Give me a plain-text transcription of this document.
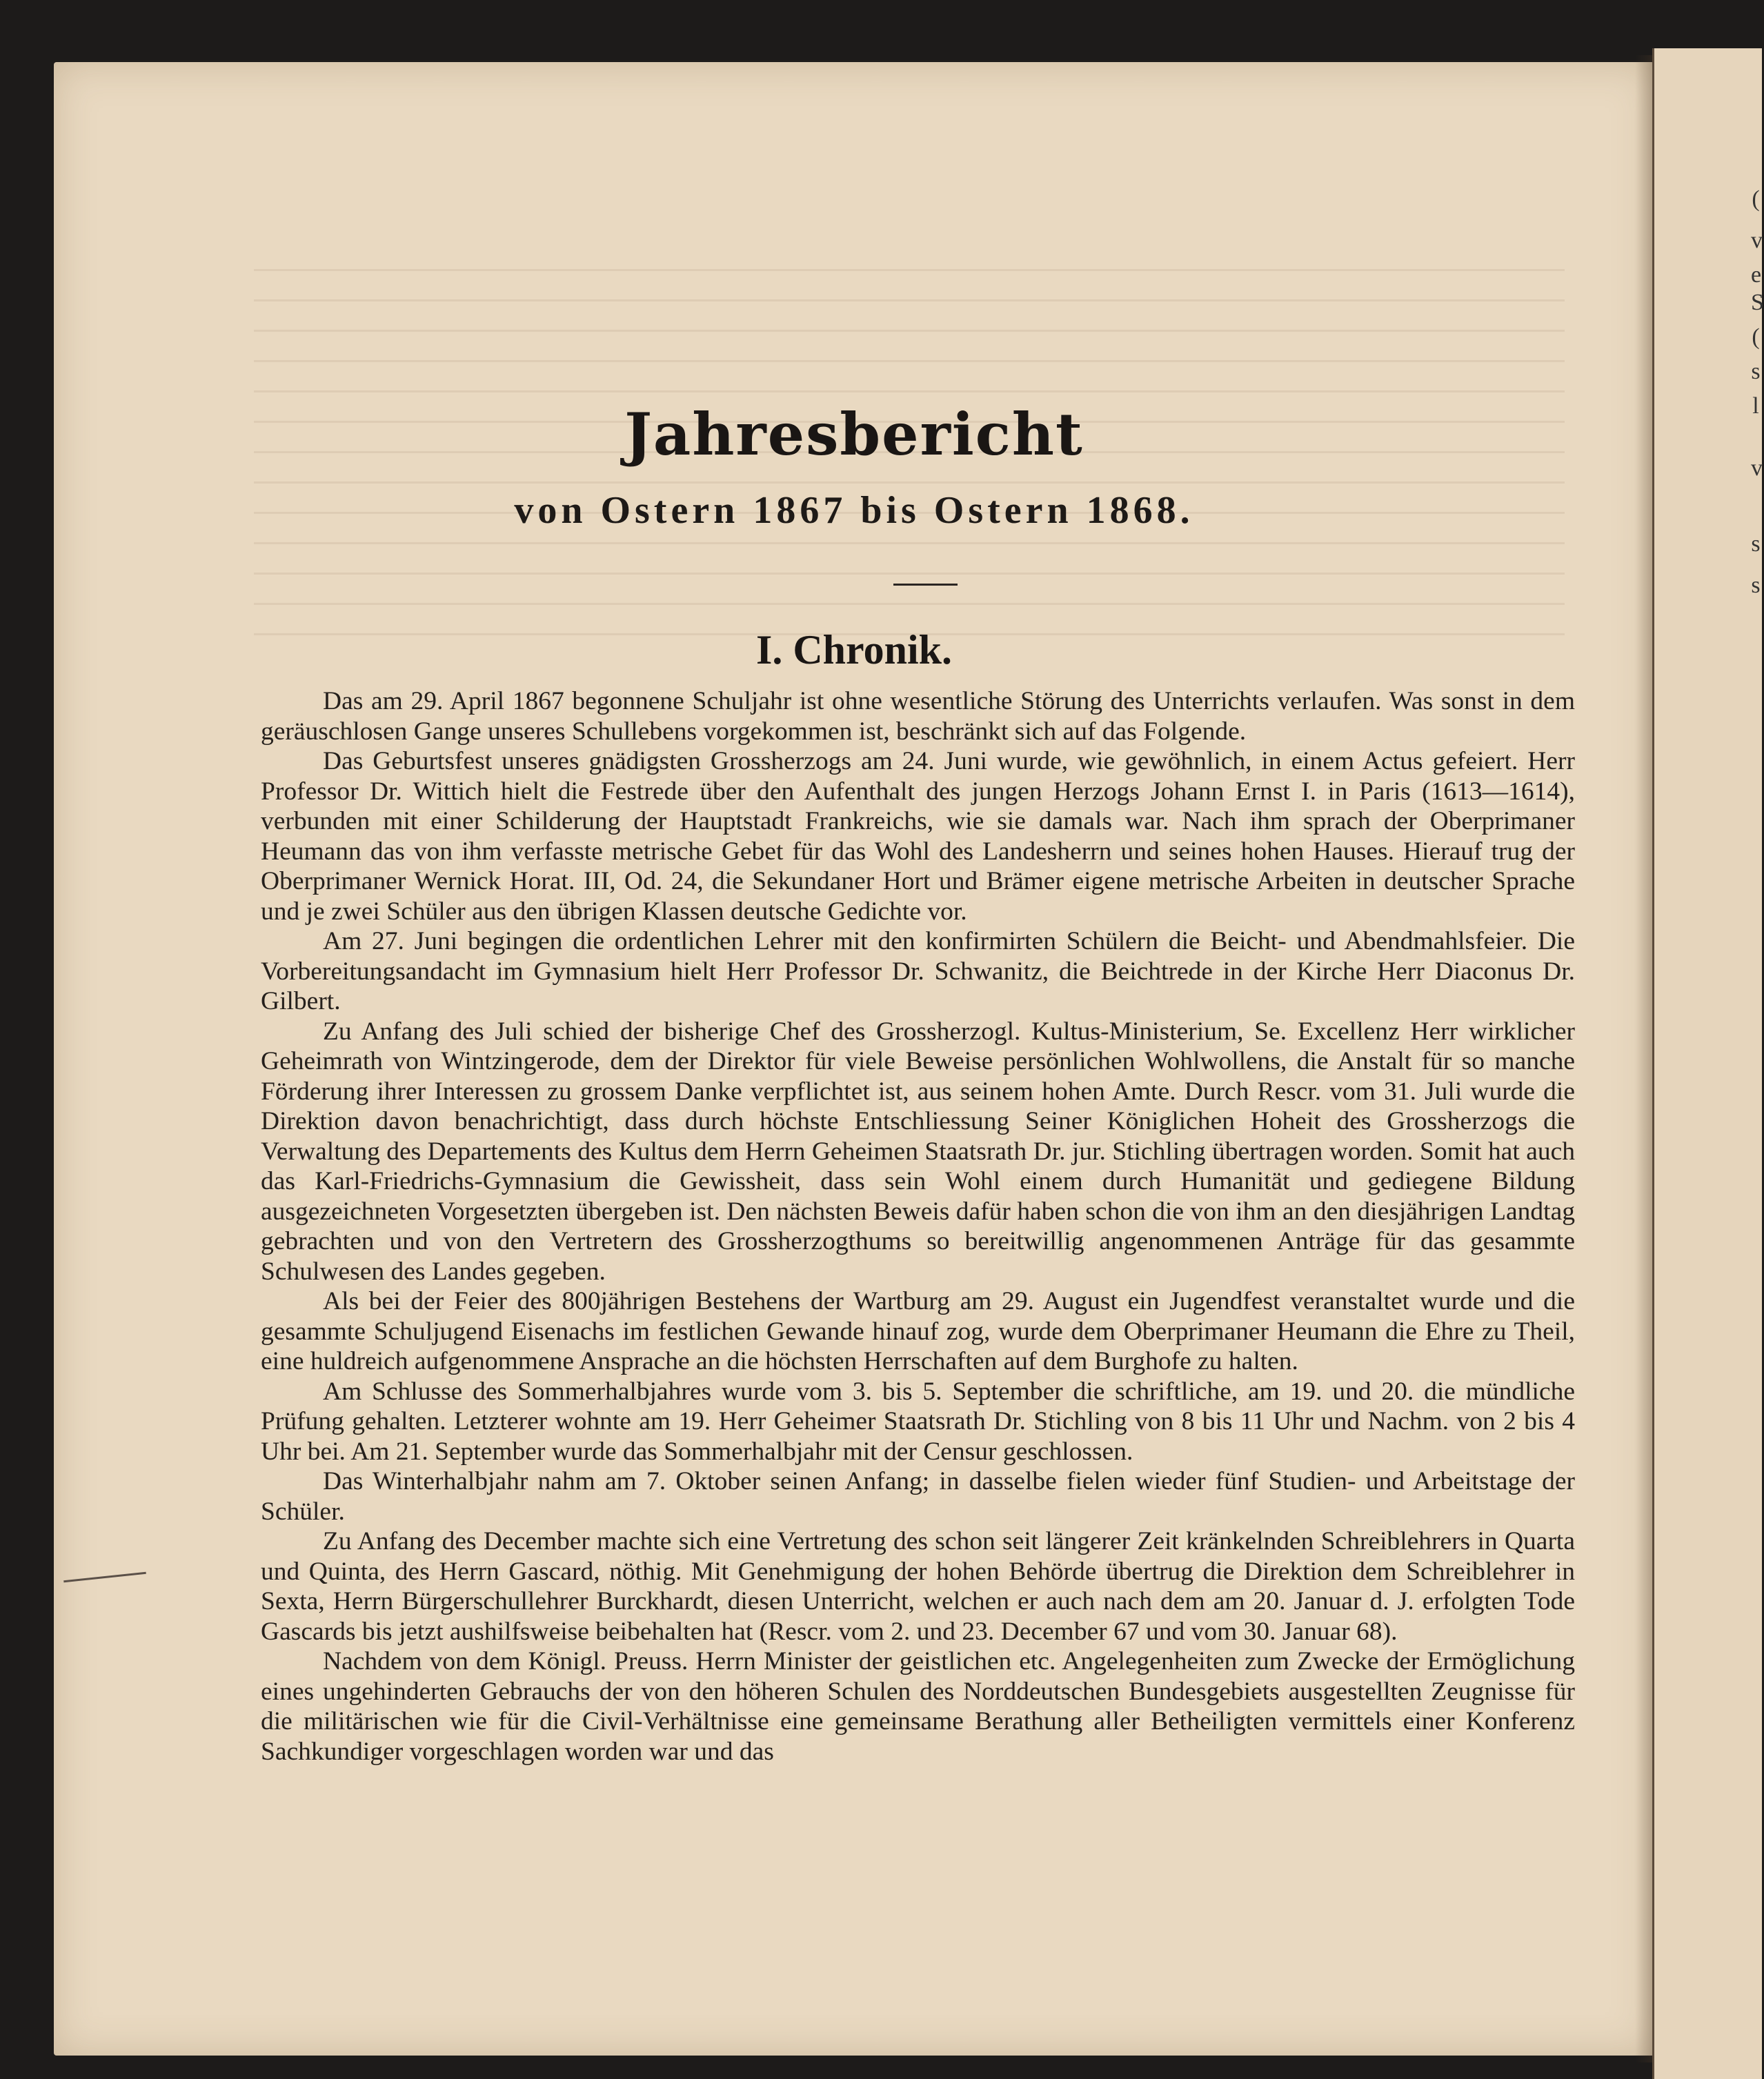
Jahresbericht
von Ostern 1867 bis Ostern 1868.
I. Chronik.

Das am 29. April 1867 begonnene Schuljahr ist ohne wesentliche Störung des Unterrichts verlaufen. Was sonst in dem geräuschlosen Gange unseres Schullebens vorgekommen ist, beschränkt sich auf das Folgende.

Das Geburtsfest unseres gnädigsten Grossherzogs am 24. Juni wurde, wie gewöhnlich, in einem Actus gefeiert. Herr Professor Dr. Wittich hielt die Festrede über den Aufenthalt des jungen Herzogs Johann Ernst I. in Paris (1613—1614), verbunden mit einer Schilderung der Hauptstadt Frankreichs, wie sie damals war. Nach ihm sprach der Oberprimaner Heumann das von ihm verfasste metrische Gebet für das Wohl des Landesherrn und seines hohen Hauses. Hierauf trug der Oberprimaner Wernick Horat. III, Od. 24, die Sekundaner Hort und Brämer eigene metrische Arbeiten in deutscher Sprache und je zwei Schüler aus den übrigen Klassen deutsche Gedichte vor.

Am 27. Juni begingen die ordentlichen Lehrer mit den konfirmirten Schülern die Beicht- und Abendmahlsfeier. Die Vorbereitungsandacht im Gymnasium hielt Herr Professor Dr. Schwanitz, die Beichtrede in der Kirche Herr Diaconus Dr. Gilbert.

Zu Anfang des Juli schied der bisherige Chef des Grossherzogl. Kultus-Ministerium, Se. Excellenz Herr wirklicher Geheimrath von Wintzingerode, dem der Direktor für viele Beweise persönlichen Wohlwollens, die Anstalt für so manche Förderung ihrer Interessen zu grossem Danke verpflichtet ist, aus seinem hohen Amte. Durch Rescr. vom 31. Juli wurde die Direktion davon benachrichtigt, dass durch höchste Entschliessung Seiner Königlichen Hoheit des Grossherzogs die Verwaltung des Departements des Kultus dem Herrn Geheimen Staatsrath Dr. jur. Stichling übertragen worden. Somit hat auch das Karl-Friedrichs-Gymnasium die Gewissheit, dass sein Wohl einem durch Humanität und gediegene Bildung ausgezeichneten Vorgesetzten übergeben ist. Den nächsten Beweis dafür haben schon die von ihm an den diesjährigen Landtag gebrachten und von den Vertretern des Grossherzogthums so bereitwillig angenommenen Anträge für das gesammte Schulwesen des Landes gegeben.

Als bei der Feier des 800jährigen Bestehens der Wartburg am 29. August ein Jugendfest veranstaltet wurde und die gesammte Schuljugend Eisenachs im festlichen Gewande hinauf zog, wurde dem Oberprimaner Heumann die Ehre zu Theil, eine huldreich aufgenommene Ansprache an die höchsten Herrschaften auf dem Burghofe zu halten.

Am Schlusse des Sommerhalbjahres wurde vom 3. bis 5. September die schriftliche, am 19. und 20. die mündliche Prüfung gehalten. Letzterer wohnte am 19. Herr Geheimer Staatsrath Dr. Stichling von 8 bis 11 Uhr und Nachm. von 2 bis 4 Uhr bei. Am 21. September wurde das Sommerhalbjahr mit der Censur geschlossen.

Das Winterhalbjahr nahm am 7. Oktober seinen Anfang; in dasselbe fielen wieder fünf Studien- und Arbeitstage der Schüler.

Zu Anfang des December machte sich eine Vertretung des schon seit längerer Zeit kränkelnden Schreiblehrers in Quarta und Quinta, des Herrn Gascard, nöthig. Mit Genehmigung der hohen Behörde übertrug die Direktion dem Schreiblehrer in Sexta, Herrn Bürgerschullehrer Burckhardt, diesen Unterricht, welchen er auch nach dem am 20. Januar d. J. erfolgten Tode Gascards bis jetzt aushilfsweise beibehalten hat (Rescr. vom 2. und 23. December 67 und vom 30. Januar 68).

Nachdem von dem Königl. Preuss. Herrn Minister der geistlichen etc. Angelegenheiten zum Zwecke der Ermöglichung eines ungehinderten Gebrauchs der von den höheren Schulen des Norddeutschen Bundesgebiets ausgestellten Zeugnisse für die militärischen wie für die Civil-Verhältnisse eine gemeinsame Berathung aller Betheiligten vermittels einer Konferenz Sachkundiger vorgeschlagen worden war und das

(
v
e
S
(
s
l
v
s
s
